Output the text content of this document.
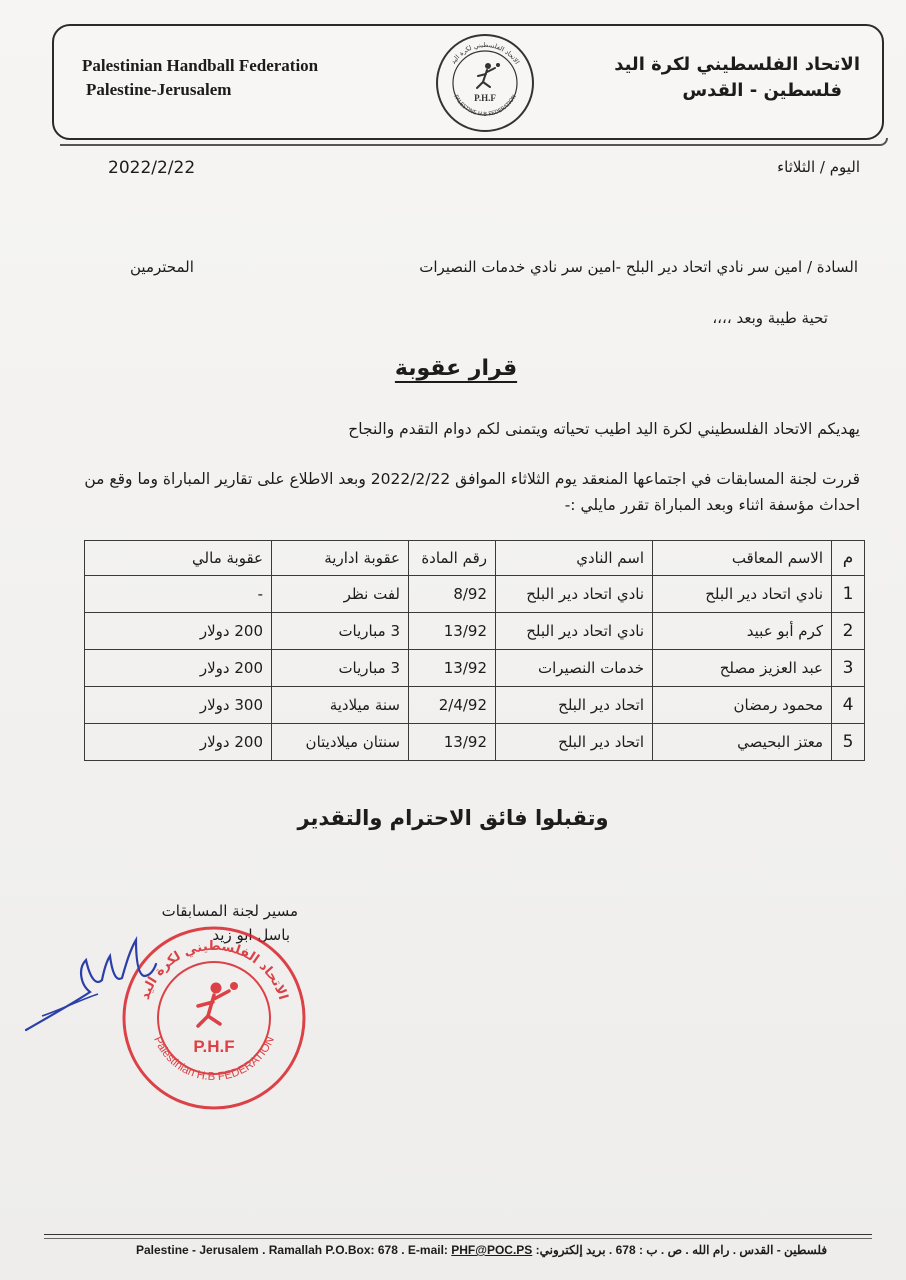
Palestinian Handball Federation
Palestine-Jerusalem
الاتحاد الفلسطيني لكرة اليد
PALESTINE H.B FEDERATION
P.H.F
الاتحاد الفلسطيني لكرة اليد
فلسطين - القدس
2022/2/22	اليوم / الثلاثاء
السادة / امين سر نادي اتحاد دير البلح -امين سر نادي خدمات النصيرات
المحترمين
تحية طيبة وبعد ،،،،
قرار عقوبة
يهديكم الاتحاد الفلسطيني لكرة اليد اطيب تحياته ويتمنى لكم دوام التقدم والنجاح
قررت لجنة المسابقات في اجتماعها المنعقد يوم الثلاثاء الموافق 2022/2/22 وبعد الاطلاع على تقارير المباراة وما وقع من احداث مؤسفة اثناء وبعد المباراة تقرر مايلي :-
م	الاسم المعاقب	اسم النادي	رقم المادة	عقوبة ادارية	عقوبة مالي
1	نادي اتحاد دير البلح	نادي اتحاد دير البلح	8/92	لفت نظر	-
2	كرم أبو عبيد	نادي اتحاد دير البلح	13/92	3 مباريات	200 دولار
3	عبد العزيز مصلح	خدمات النصيرات	13/92	3 مباريات	200 دولار
4	محمود رمضان	اتحاد دير البلح	2/4/92	سنة ميلادية	300 دولار
5	معتز البحيصي	اتحاد دير البلح	13/92	سنتان ميلاديتان	200 دولار
وتقبلوا فائق الاحترام والتقدير
مسير لجنة المسابقات
باسل ابو زيد
الاتحاد الفلسطيني لكرة اليد
Palestinian H.B FEDERATION
P.H.F
Palestine - Jerusalem . Ramallah P.O.Box: 678 . E-mail: PHF@POC.PS فلسطين - القدس . رام الله . ص . ب : 678 . بريد إلكتروني:
